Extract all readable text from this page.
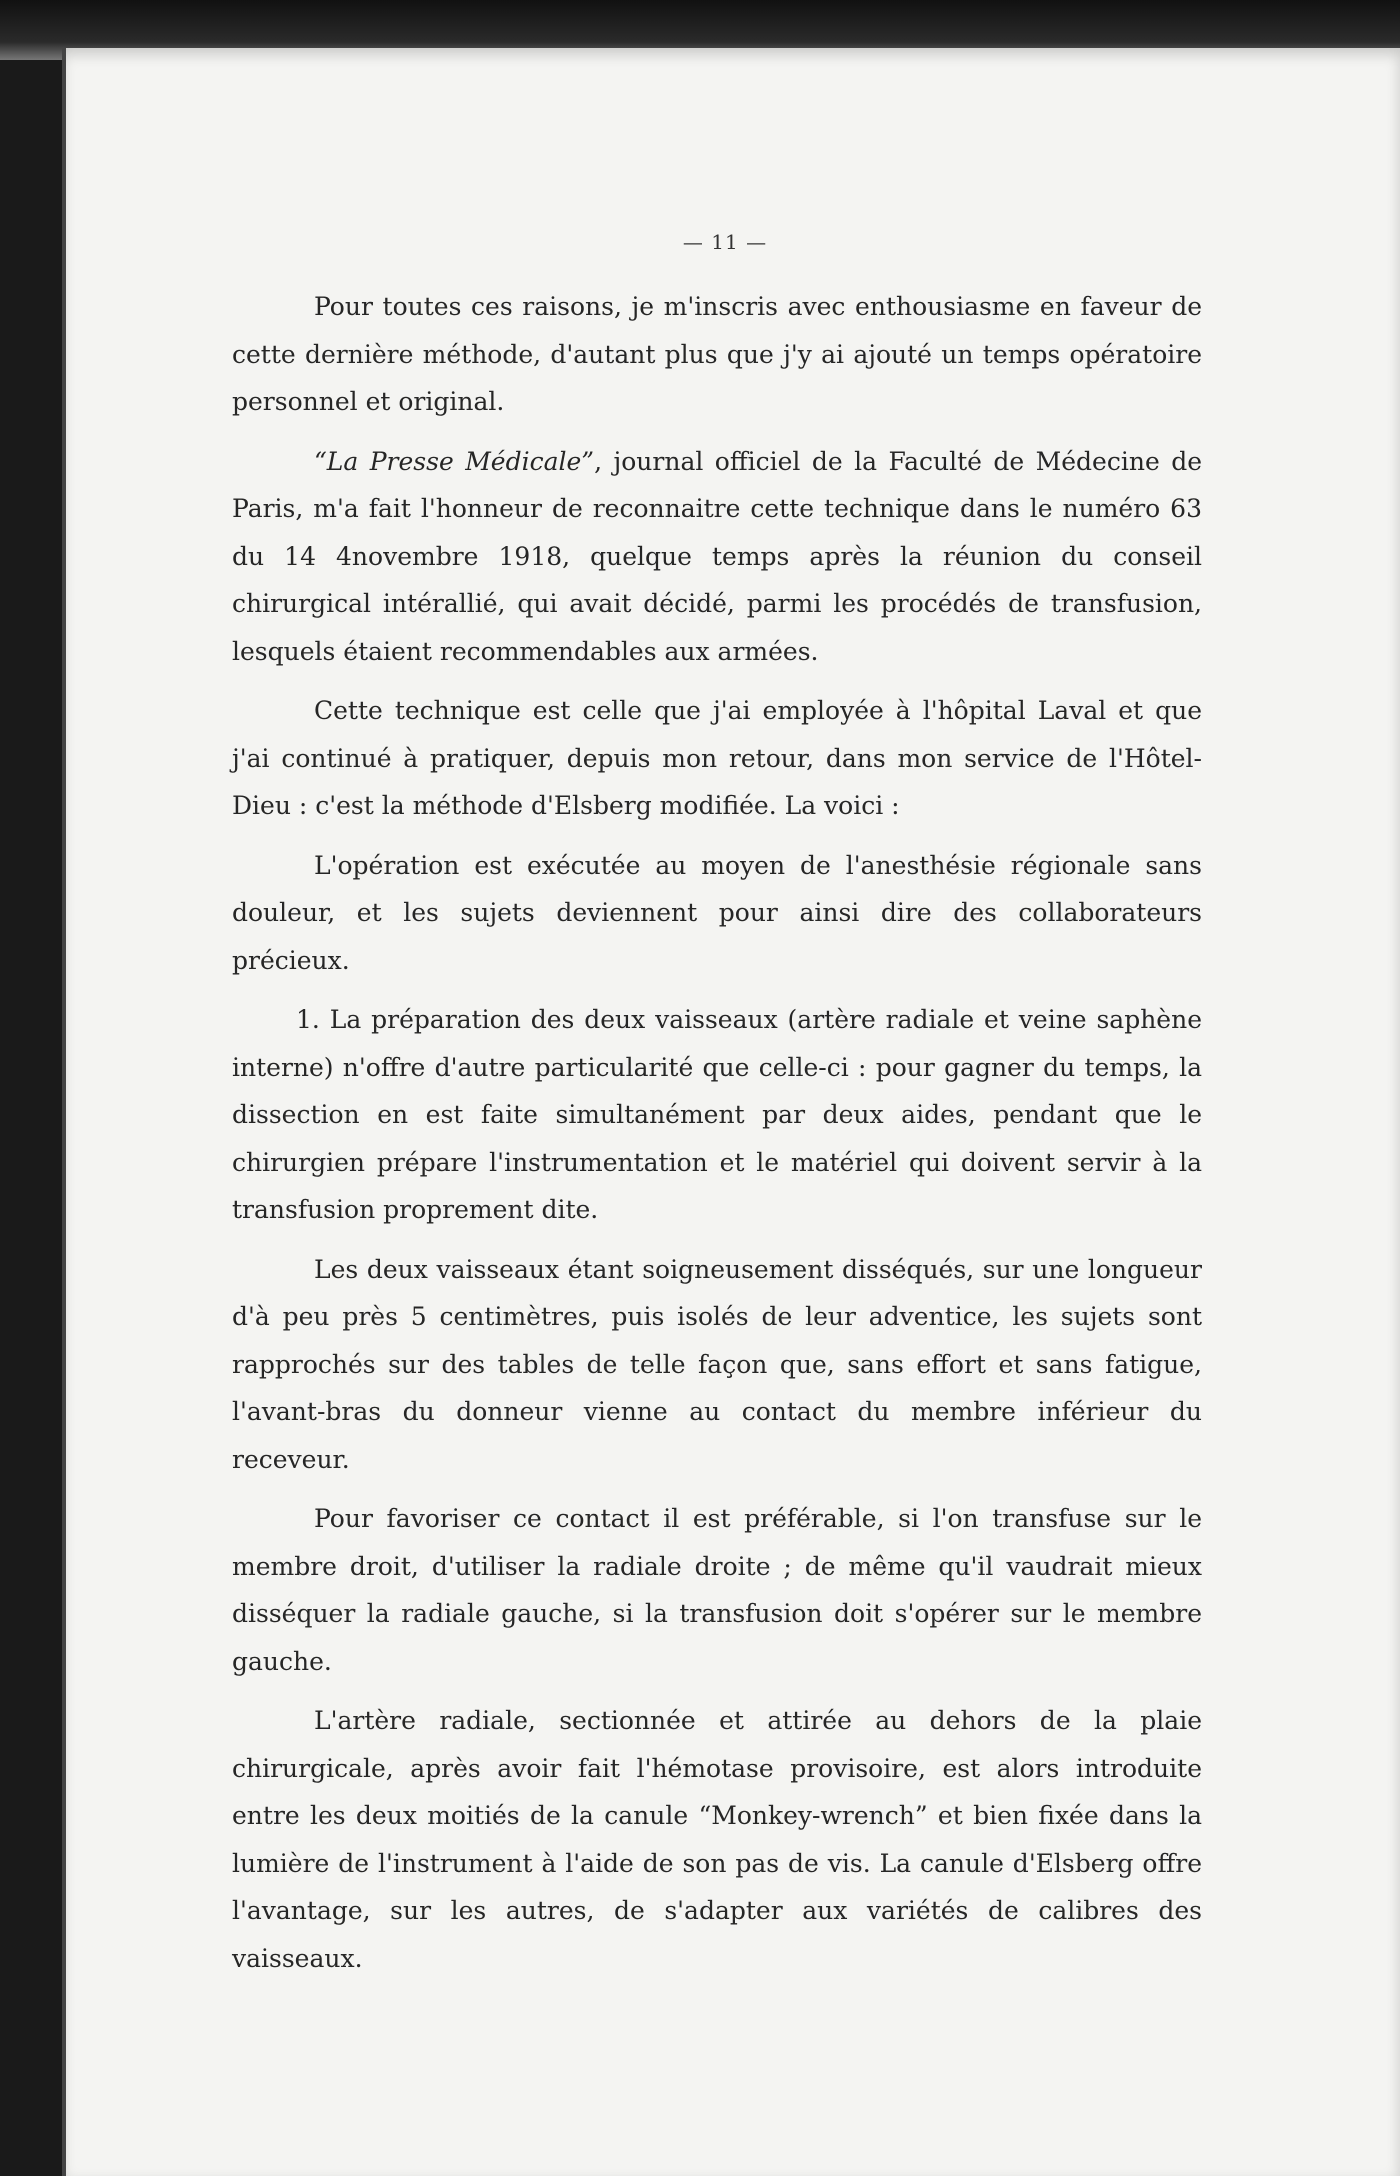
— 11 —

Pour toutes ces raisons, je m'inscris avec enthousiasme en faveur de cette dernière méthode, d'autant plus que j'y ai ajouté un temps opératoire personnel et original.

“La Presse Médicale”, journal officiel de la Faculté de Médecine de Paris, m'a fait l'honneur de reconnaitre cette technique dans le numéro 63 du 14 4novembre 1918, quelque temps après la réunion du conseil chirurgical intérallié, qui avait décidé, parmi les procédés de transfusion, lesquels étaient recommendables aux armées.

Cette technique est celle que j'ai employée à l'hôpital Laval et que j'ai continué à pratiquer, depuis mon retour, dans mon service de l'Hôtel-Dieu : c'est la méthode d'Elsberg modifiée. La voici :

L'opération est exécutée au moyen de l'anesthésie régionale sans douleur, et les sujets deviennent pour ainsi dire des collaborateurs précieux.

1. La préparation des deux vaisseaux (artère radiale et veine saphène interne) n'offre d'autre particularité que celle-ci : pour gagner du temps, la dissection en est faite simultanément par deux aides, pendant que le chirurgien prépare l'instrumentation et le matériel qui doivent servir à la transfusion proprement dite.

Les deux vaisseaux étant soigneusement disséqués, sur une longueur d'à peu près 5 centimètres, puis isolés de leur adventice, les sujets sont rapprochés sur des tables de telle façon que, sans effort et sans fatigue, l'avant-bras du donneur vienne au contact du membre inférieur du receveur.

Pour favoriser ce contact il est préférable, si l'on transfuse sur le membre droit, d'utiliser la radiale droite ; de même qu'il vaudrait mieux disséquer la radiale gauche, si la transfusion doit s'opérer sur le membre gauche.

L'artère radiale, sectionnée et attirée au dehors de la plaie chirurgicale, après avoir fait l'hémotase provisoire, est alors introduite entre les deux moitiés de la canule “Monkey-wrench” et bien fixée dans la lumière de l'instrument à l'aide de son pas de vis. La canule d'Elsberg offre l'avantage, sur les autres, de s'adapter aux variétés de calibres des vaisseaux.
